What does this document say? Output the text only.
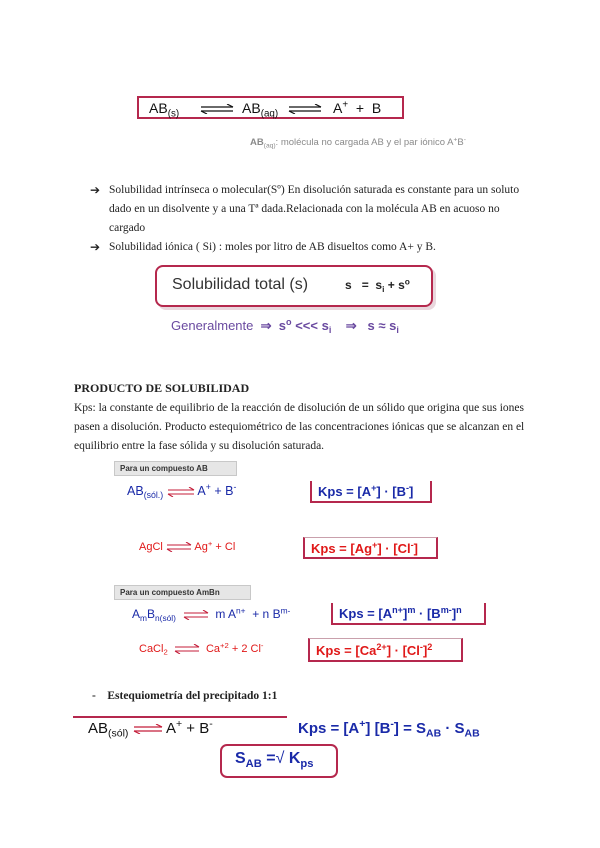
$AB_{(s)}$ ⇌ $AB_{(aq)}$ ⇌ A+ + B
$AB_{(aq)}$: molécula no cargada AB y el par iónico A+B-
➔ Solubilidad intrínseca o molecular(Sº) En disolución saturada es constante para un soluto dado en un disolvente y a una Tª dada.Relacionada con la molécula AB en acuoso no cargado
➔ Solubilidad iónica ( Si) : moles por litro de AB disueltos como A+ y B.
Solubilidad total (s)	$s = s_i + s^o$
Generalmente ⇒ $s^o$ <<< $s_i$ ⇒ $s \approx s_i$
PRODUCTO DE SOLUBILIDAD
Kps: la constante de equilibrio de la reacción de disolución de un sólido que origina que sus iones pasen a disolución. Producto estequiométrico de las concentraciones iónicas que se alcanzan en el equilibrio entre la fase sólida y su disolución saturada.
Para un compuesto AB
$AB_{(sól.)}$ ⇌ A+ + B-	Kps = [A+] · [B-]
AgCl ⇌ Ag+ + Cl	Kps = [Ag+] · [Cl-]
Para un compuesto AmBn
$A_mB_{n(sól)}$ ⇌ m $A^{n+} + n$ $B^{m-}$	Kps = $[A^{n+}]^m \cdot [B^{m-}]^n$
CaCl$_2$ ⇌ $Ca^{+2} + 2$ Cl-	Kps = $[Ca^{2+}] \cdot [Cl^-]^2$
- Estequiometría del precipitado 1:1
$AB_{(sól)}$ ⇌ A+ + B-	Kps = [A+] $[B^-] = S_{AB} \cdot S_{AB}$
$S_{AB}$ =√ $K_{ps}$
